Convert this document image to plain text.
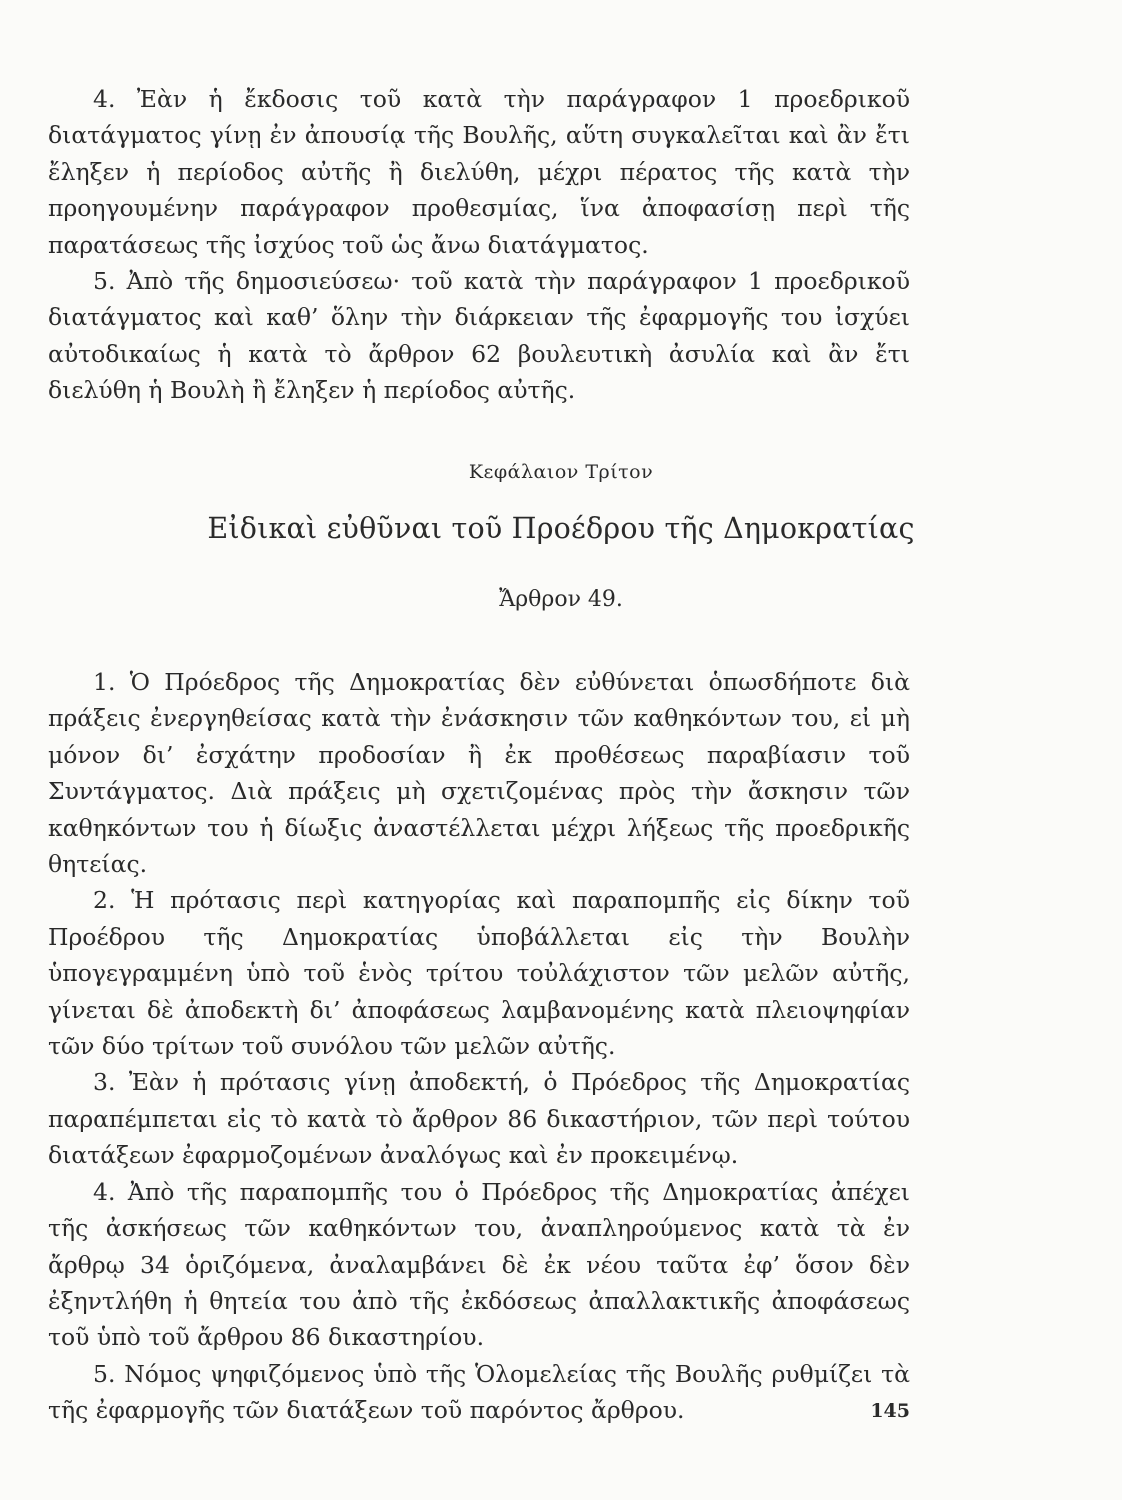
4. Ἐὰν ἡ ἔκδοσις τοῦ κατὰ τὴν παράγραφον 1 προεδρικοῦ διατάγματος γίνῃ ἐν ἀπουσίᾳ τῆς Βουλῆς, αὕτη συγκαλεῖται καὶ ἂν ἔτι ἔληξεν ἡ περίοδος αὐτῆς ἢ διελύθη, μέχρι πέρατος τῆς κατὰ τὴν προηγουμένην παράγραφον προθεσμίας, ἵνα ἀποφασίσῃ περὶ τῆς παρατάσεως τῆς ἰσχύος τοῦ ὡς ἄνω διατάγματος.

5. Ἀπὸ τῆς δημοσιεύσεω· τοῦ κατὰ τὴν παράγραφον 1 προεδρικοῦ διατάγματος καὶ καθ’ ὅλην τὴν διάρκειαν τῆς ἐφαρμογῆς του ἰσχύει αὐτοδικαίως ἡ κατὰ τὸ ἄρθρον 62 βουλευτικὴ ἀσυλία καὶ ἂν ἔτι διελύθη ἡ Βουλὴ ἢ ἔληξεν ἡ περίοδος αὐτῆς.

Κεφάλαιον Τρίτον

Εἰδικαὶ εὐθῦναι τοῦ Προέδρου τῆς Δημοκρατίας

Ἄρθρον 49.

1. Ὁ Πρόεδρος τῆς Δημοκρατίας δὲν εὐθύνεται ὁπωσδήποτε διὰ πράξεις ἐνεργηθείσας κατὰ τὴν ἐνάσκησιν τῶν καθηκόντων του, εἰ μὴ μόνον δι’ ἐσχάτην προδοσίαν ἢ ἐκ προθέσεως παραβίασιν τοῦ Συντάγματος. Διὰ πράξεις μὴ σχετιζομένας πρὸς τὴν ἄσκησιν τῶν καθηκόντων του ἡ δίωξις ἀναστέλλεται μέχρι λήξεως τῆς προεδρικῆς θητείας.

2. Ἡ πρότασις περὶ κατηγορίας καὶ παραπομπῆς εἰς δίκην τοῦ Προέδρου τῆς Δημοκρατίας ὑποβάλλεται εἰς τὴν Βουλὴν ὑπογεγραμμένη ὑπὸ τοῦ ἑνὸς τρίτου τοὐλάχιστον τῶν μελῶν αὐτῆς, γίνεται δὲ ἀποδεκτὴ δι’ ἀποφάσεως λαμβανομένης κατὰ πλειοψηφίαν τῶν δύο τρίτων τοῦ συνόλου τῶν μελῶν αὐτῆς.

3. Ἐὰν ἡ πρότασις γίνῃ ἀποδεκτή, ὁ Πρόεδρος τῆς Δημοκρατίας παραπέμπεται εἰς τὸ κατὰ τὸ ἄρθρον 86 δικαστήριον, τῶν περὶ τούτου διατάξεων ἐφαρμοζομένων ἀναλόγως καὶ ἐν προκειμένῳ.

4. Ἀπὸ τῆς παραπομπῆς του ὁ Πρόεδρος τῆς Δημοκρατίας ἀπέχει τῆς ἀσκήσεως τῶν καθηκόντων του, ἀναπληρούμενος κατὰ τὰ ἐν ἄρθρῳ 34 ὁριζόμενα, ἀναλαμβάνει δὲ ἐκ νέου ταῦτα ἐφ’ ὅσον δὲν ἐξηντλήθη ἡ θητεία του ἀπὸ τῆς ἐκδόσεως ἀπαλλακτικῆς ἀποφάσεως τοῦ ὑπὸ τοῦ ἄρθρου 86 δικαστηρίου.

5. Νόμος ψηφιζόμενος ὑπὸ τῆς Ὁλομελείας τῆς Βουλῆς ρυθμίζει τὰ τῆς ἐφαρμογῆς τῶν διατάξεων τοῦ παρόντος ἄρθρου.	145
